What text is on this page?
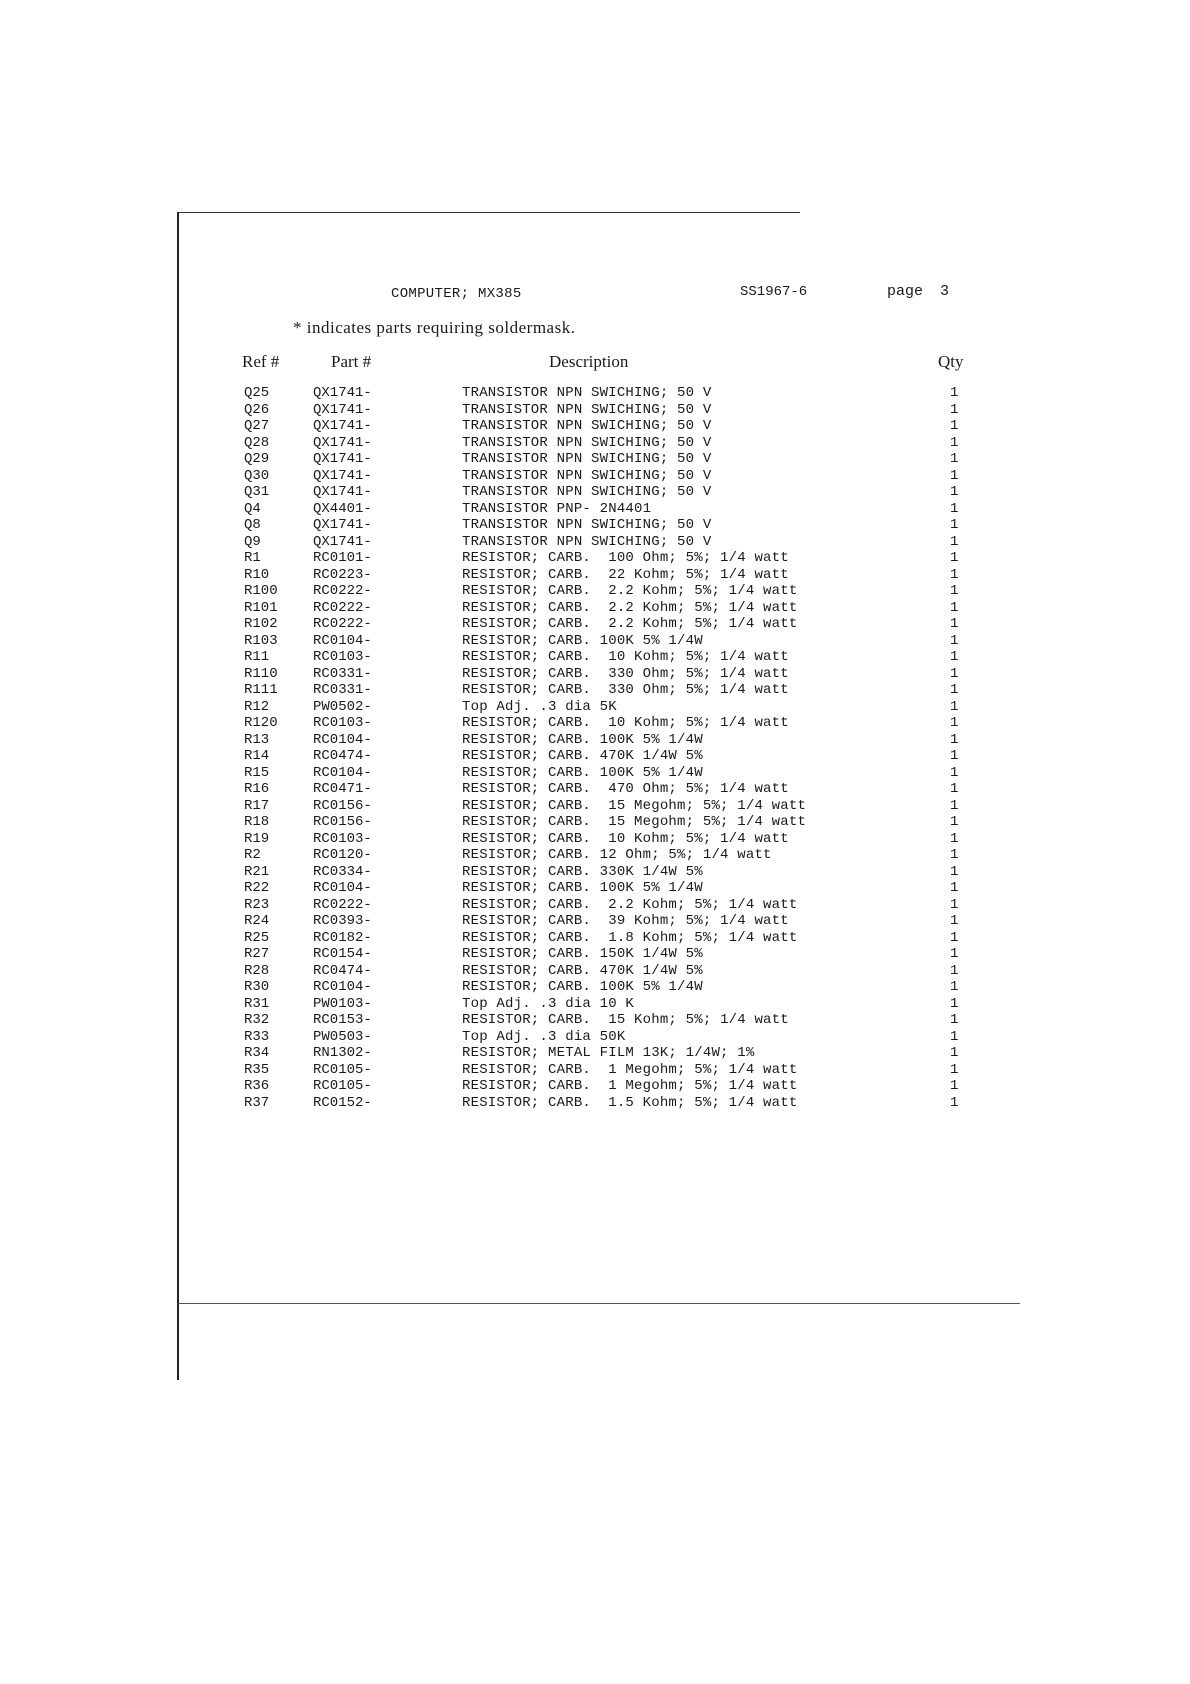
COMPUTER; MX385	SS1967-6	page 3
* indicates parts requiring soldermask.
Ref #	Part #	Description	Qty
Q25	QX1741-	TRANSISTOR NPN SWICHING; 50 V	1
Q26	QX1741-	TRANSISTOR NPN SWICHING; 50 V	1
Q27	QX1741-	TRANSISTOR NPN SWICHING; 50 V	1
Q28	QX1741-	TRANSISTOR NPN SWICHING; 50 V	1
Q29	QX1741-	TRANSISTOR NPN SWICHING; 50 V	1
Q30	QX1741-	TRANSISTOR NPN SWICHING; 50 V	1
Q31	QX1741-	TRANSISTOR NPN SWICHING; 50 V	1
Q4	QX4401-	TRANSISTOR PNP- 2N4401	1
Q8	QX1741-	TRANSISTOR NPN SWICHING; 50 V	1
Q9	QX1741-	TRANSISTOR NPN SWICHING; 50 V	1
R1	RC0101-	RESISTOR; CARB.  100 Ohm; 5%; 1/4 watt	1
R10	RC0223-	RESISTOR; CARB.  22 Kohm; 5%; 1/4 watt	1
R100	RC0222-	RESISTOR; CARB.  2.2 Kohm; 5%; 1/4 watt	1
R101	RC0222-	RESISTOR; CARB.  2.2 Kohm; 5%; 1/4 watt	1
R102	RC0222-	RESISTOR; CARB.  2.2 Kohm; 5%; 1/4 watt	1
R103	RC0104-	RESISTOR; CARB. 100K 5% 1/4W	1
R11	RC0103-	RESISTOR; CARB.  10 Kohm; 5%; 1/4 watt	1
R110	RC0331-	RESISTOR; CARB.  330 Ohm; 5%; 1/4 watt	1
R111	RC0331-	RESISTOR; CARB.  330 Ohm; 5%; 1/4 watt	1
R12	PW0502-	Top Adj. .3 dia 5K	1
R120	RC0103-	RESISTOR; CARB.  10 Kohm; 5%; 1/4 watt	1
R13	RC0104-	RESISTOR; CARB. 100K 5% 1/4W	1
R14	RC0474-	RESISTOR; CARB. 470K 1/4W 5%	1
R15	RC0104-	RESISTOR; CARB. 100K 5% 1/4W	1
R16	RC0471-	RESISTOR; CARB.  470 Ohm; 5%; 1/4 watt	1
R17	RC0156-	RESISTOR; CARB.  15 Megohm; 5%; 1/4 watt	1
R18	RC0156-	RESISTOR; CARB.  15 Megohm; 5%; 1/4 watt	1
R19	RC0103-	RESISTOR; CARB.  10 Kohm; 5%; 1/4 watt	1
R2	RC0120-	RESISTOR; CARB. 12 Ohm; 5%; 1/4 watt	1
R21	RC0334-	RESISTOR; CARB. 330K 1/4W 5%	1
R22	RC0104-	RESISTOR; CARB. 100K 5% 1/4W	1
R23	RC0222-	RESISTOR; CARB.  2.2 Kohm; 5%; 1/4 watt	1
R24	RC0393-	RESISTOR; CARB.  39 Kohm; 5%; 1/4 watt	1
R25	RC0182-	RESISTOR; CARB.  1.8 Kohm; 5%; 1/4 watt	1
R27	RC0154-	RESISTOR; CARB. 150K 1/4W 5%	1
R28	RC0474-	RESISTOR; CARB. 470K 1/4W 5%	1
R30	RC0104-	RESISTOR; CARB. 100K 5% 1/4W	1
R31	PW0103-	Top Adj. .3 dia 10 K	1
R32	RC0153-	RESISTOR; CARB.  15 Kohm; 5%; 1/4 watt	1
R33	PW0503-	Top Adj. .3 dia 50K	1
R34	RN1302-	RESISTOR; METAL FILM 13K; 1/4W; 1%	1
R35	RC0105-	RESISTOR; CARB.  1 Megohm; 5%; 1/4 watt	1
R36	RC0105-	RESISTOR; CARB.  1 Megohm; 5%; 1/4 watt	1
R37	RC0152-	RESISTOR; CARB.  1.5 Kohm; 5%; 1/4 watt	1
